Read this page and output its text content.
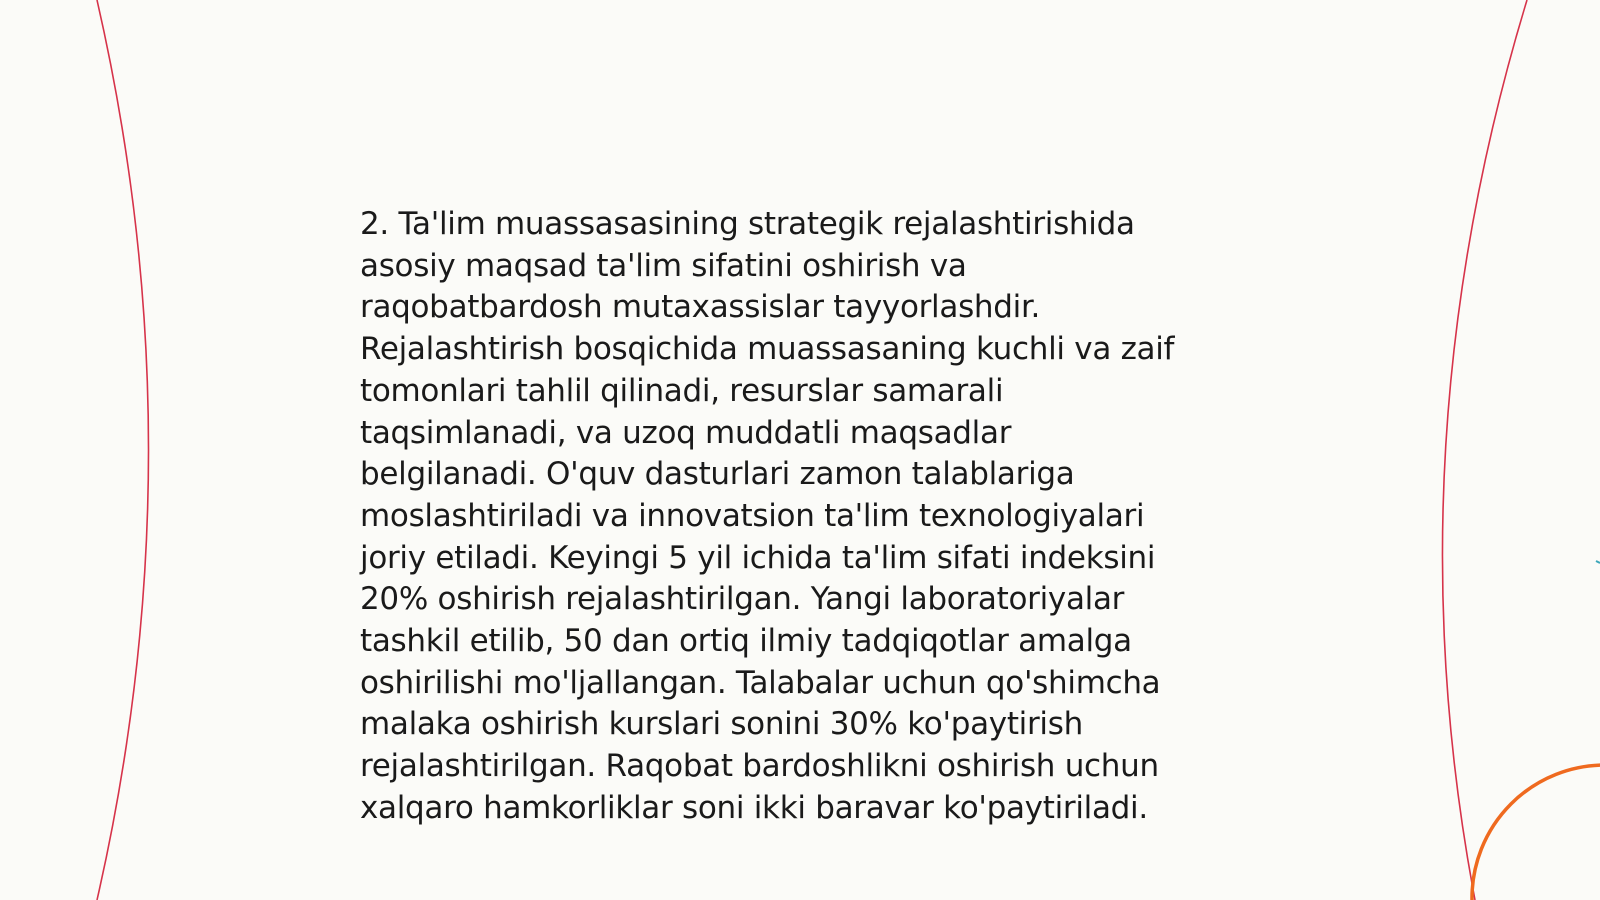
2. Ta'lim muassasasining strategik rejalashtirishida
asosiy maqsad ta'lim sifatini oshirish va
raqobatbardosh mutaxassislar tayyorlashdir.
Rejalashtirish bosqichida muassasaning kuchli va zaif
tomonlari tahlil qilinadi, resurslar samarali
taqsimlanadi, va uzoq muddatli maqsadlar
belgilanadi. O'quv dasturlari zamon talablariga
moslashtiriladi va innovatsion ta'lim texnologiyalari
joriy etiladi. Keyingi 5 yil ichida ta'lim sifati indeksini
20% oshirish rejalashtirilgan. Yangi laboratoriyalar
tashkil etilib, 50 dan ortiq ilmiy tadqiqotlar amalga
oshirilishi mo'ljallangan. Talabalar uchun qo'shimcha
malaka oshirish kurslari sonini 30% ko'paytirish
rejalashtirilgan. Raqobat bardoshlikni oshirish uchun
xalqaro hamkorliklar soni ikki baravar ko'paytiriladi.
